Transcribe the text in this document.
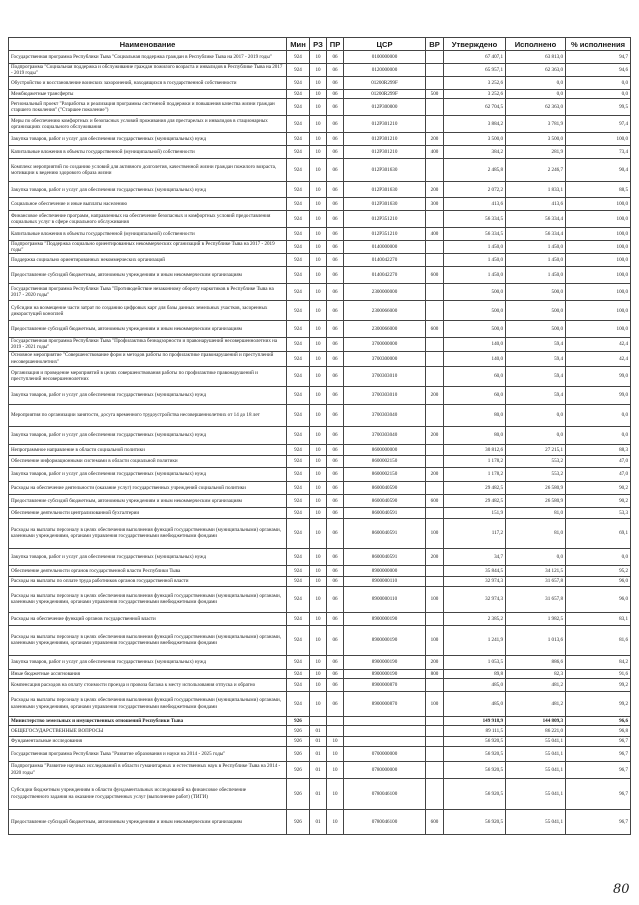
Наименование	Мин	РЗ	ПР	ЦСР	ВР	Утверждено	Исполнено	% исполнения
Государственная программа Республики Тыва "Социальная поддержка граждан в Республике Тыва на 2017 - 2019 годы"	924	10	06	0100000000		67 407,1	63 813,0	94,7
Подпрограмма "Социальная поддержка и обслуживание граждан пожилого возраста и инвалидов в Республике Тыва на 2017 - 2019 годы"	924	10	06	0120000000		65 957,1	62 363,0	94,6
Обустройство и восстановление воинских захоронений, находящихся в государственной собственности	924	10	06	01200R299F		3 252,6	0,0	0,0
Межбюджетные трансферты	924	10	06	01200R299F	500	3 252,6	0,0	0,0
Региональный проект "Разработка и реализация программы системной поддержки и повышения качества жизни граждан старшего поколения" ("Старшее поколение")	924	10	06	012P300000		62 704,5	62 363,0	99,5
Меры по обеспечению комфортных и безопасных условий проживания для престарелых и инвалидов в стационарных организациях социального обслуживания	924	10	06	012P301210		3 884,2	3 781,9	97,4
Закупка товаров, работ и услуг для обеспечения государственных (муниципальных) нужд	924	10	06	012P301210	200	3 500,0	3 500,0	100,0
Капитальные вложения в объекты государственной (муниципальной) собственности	924	10	06	012P301210	400	384,2	281,9	73,4
Комплекс мероприятий по созданию условий для активного долголетия, качественной жизни граждан пожилого возраста, мотивации к ведению здорового образа жизни	924	10	06	012P301630		2 485,8	2 246,7	90,4
Закупка товаров, работ и услуг для обеспечения государственных (муниципальных) нужд	924	10	06	012P301630	200	2 072,2	1 833,1	88,5
Социальное обеспечение и иные выплаты населению	924	10	06	012P301630	300	413,6	413,6	100,0
Финансовое обеспечение программ, направленных на обеспечение безопасных и комфортных условий предоставления социальных услуг в сфере социального обслуживания	924	10	06	012P351210		56 334,5	56 334,4	100,0
Капитальные вложения в объекты государственной (муниципальной) собственности	924	10	06	012P351210	400	56 334,5	56 334,4	100,0
Подпрограмма "Поддержка социально ориентированных некоммерческих организаций в Республике Тыва на 2017 - 2019 годы"	924	10	06	0140000000		1 450,0	1 450,0	100,0
Поддержка социально ориентированных некоммерческих организаций	924	10	06	0140042270		1 450,0	1 450,0	100,0
Предоставление субсидий бюджетным, автономным учреждениям и иным некоммерческим организациям	924	10	06	0140042270	600	1 450,0	1 450,0	100,0
Государственная программа Республики Тыва "Противодействие незаконному обороту наркотиков в Республике Тыва на 2017 - 2020 годы"	924	10	06	2300000000		500,0	500,0	100,0
Субсидии на возмещение части затрат по созданию цифровых карт для базы данных земельных участков, засоренных дикорастущей коноплей	924	10	06	2300066000		500,0	500,0	100,0
Предоставление субсидий бюджетным, автономным учреждениям и иным некоммерческим организациям	924	10	06	2300066000	600	500,0	500,0	100,0
Государственная программа Республики Тыва "Профилактика безнадзорности и правонарушений несовершеннолетних на 2019 - 2021 годы"	924	10	06	3700000000		140,0	59,4	42,4
Основное мероприятие "Совершенствование форм и методов работы по профилактике правонарушений и преступлений несовершеннолетних"	924	10	06	3700300000		140,0	59,4	42,4
Организация и проведение мероприятий в целях совершенствования работы по профилактике правонарушений и преступлений несовершеннолетних	924	10	06	3700303010		60,0	59,4	99,0
Закупка товаров, работ и услуг для обеспечения государственных (муниципальных) нужд	924	10	06	3700303010	200	60,0	59,4	99,0
Мероприятия по организации занятости, досуга временного трудоустройства несовершеннолетних от 14 до 18 лет	924	10	06	3700303040		80,0	0,0	0,0
Закупка товаров, работ и услуг для обеспечения государственных (муниципальных) нужд	924	10	06	3700303040	200	80,0	0,0	0,0
Непрограммное направление в области социальной политики	924	10	06	8600000000		30 812,6	27 215,1	88,3
Обеспечение информационными системами в области социальной политики	924	10	06	8600002150		1 178,2	553,2	47,0
Закупка товаров, работ и услуг для обеспечения государственных (муниципальных) нужд	924	10	06	8600002150	200	1 178,2	553,2	47,0
Расходы на обеспечение деятельности (оказание услуг) государственных учреждений социальной политики	924	10	06	8600040590		29 482,5	26 580,9	90,2
Предоставление субсидий бюджетным, автономным учреждениям и иным некоммерческим организациям	924	10	06	8600040590	600	29 482,5	26 580,9	90,2
Обеспечение деятельности централизованной бухгалтерии	924	10	06	8600040591		151,9	81,0	53,3
Расходы на выплаты персоналу в целях обеспечения выполнения функций государственными (муниципальными) органами, казенными учреждениями, органами управления государственными внебюджетными фондами	924	10	06	8600040591	100	117,2	81,0	69,1
Закупка товаров, работ и услуг для обеспечения государственных (муниципальных) нужд	924	10	06	8600040591	200	34,7	0,0	0,0
Обеспечение деятельности органов государственной власти Республики Тыва	924	10	06	8900000000		35 844,5	34 121,5	95,2
Расходы на выплаты по оплате труда работников органов государственной власти	924	10	06	8900000110		32 974,3	31 657,8	96,0
Расходы на выплаты персоналу в целях обеспечения выполнения функций государственными (муниципальными) органами, казенными учреждениями, органами управления государственными внебюджетными фондами	924	10	06	8900000110	100	32 974,3	31 657,8	96,0
Расходы на обеспечение функций органов государственной власти	924	10	06	8900000190		2 385,2	1 982,5	83,1
Расходы на выплаты персоналу в целях обеспечения выполнения функций государственными (муниципальными) органами, казенными учреждениями, органами управления государственными внебюджетными фондами	924	10	06	8900000190	100	1 241,9	1 013,6	81,6
Закупка товаров, работ и услуг для обеспечения государственных (муниципальных) нужд	924	10	06	8900000190	200	1 053,5	886,6	84,2
Иные бюджетные ассигнования	924	10	06	8900000190	800	89,8	82,3	91,6
Компенсация расходов на оплату стоимости проезда и провоза багажа к месту использования отпуска и обратно	924	10	06	8900000870		485,0	481,2	99,2
Расходы на выплаты персоналу в целях обеспечения выполнения функций государственными (муниципальными) органами, казенными учреждениями, органами управления государственными внебюджетными фондами	924	10	06	8900000870	100	485,0	481,2	99,2
Министерство земельных и имущественных отношений Республики Тыва	926					149 918,9	144 809,3	96,6
ОБЩЕГОСУДАРСТВЕННЫЕ ВОПРОСЫ	926	01				89 111,5	86 221,0	96,8
Фундаментальные исследования	926	01	10			56 920,5	55 041,1	96,7
Государственная программа Республики Тыва "Развитие образования и науки на 2014 - 2025 годы"	926	01	10	0700000000		56 920,5	55 041,1	96,7
Подпрограмма "Развитие научных исследований в области гуманитарных и естественных наук в Республике Тыва на 2014 - 2020 годы"	926	01	10	0780000000		56 920,5	55 041,1	96,7
Субсидии бюджетным учреждениям в области фундаментальных исследований на финансовое обеспечение государственного задания на оказание государственных услуг (выполнение работ) (ТИГИ)	926	01	10	0780046100		56 920,5	55 041,1	96,7
Предоставление субсидий бюджетным, автономным учреждениям и иным некоммерческим организациям	926	01	10	0780046100	600	56 920,5	55 041,1	96,7
80
